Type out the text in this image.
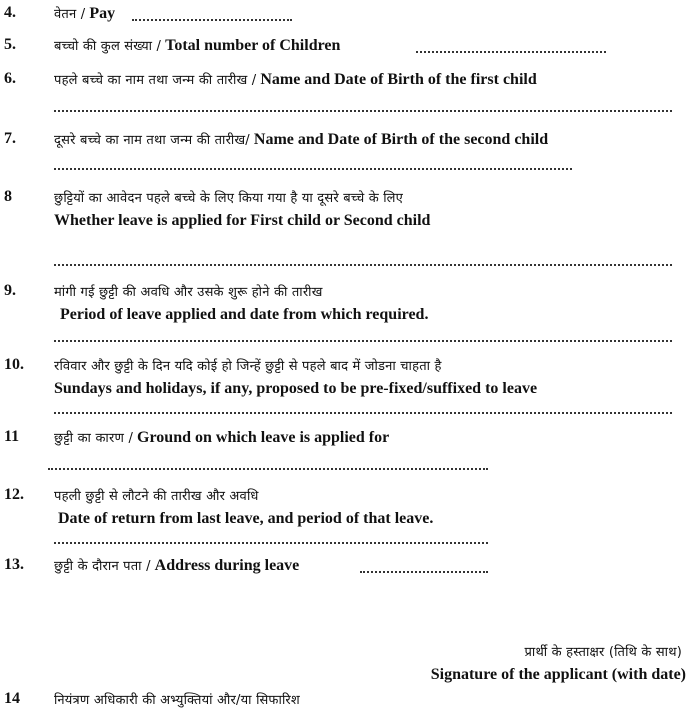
4.	वेतन / Pay
5.	बच्चो की कुल संख्या / Total number of Children
6.	पहले बच्चे का नाम तथा जन्म की तारीख / Name and Date of Birth of the first child
7.	दूसरे बच्चे का नाम तथा जन्म की तारीख/ Name and Date of Birth of the second child
8	छुट्टियों का आवेदन पहले बच्चे के लिए किया गया है या दूसरे बच्चे के लिए
Whether leave is applied for First child or Second child
9.	मांगी गई छुट्टी की अवधि और उसके शुरू होने की तारीख
Period of leave applied and date from which required.
10. रविवार और छुट्टी के दिन यदि कोई हो जिन्हें छुट्टी से पहले बाद में जोडना चाहता है
Sundays and holidays, if any, proposed to be pre-fixed/suffixed to leave
11	छुट्टी का कारण / Ground on which leave is applied for
12. पहली छुट्टी से लौटने की तारीख और अवधि
Date of return from last leave, and period of that leave.
13. छुट्टी के दौरान पता / Address during leave
प्रार्थी के हस्ताक्षर (तिथि के साथ)
Signature of the applicant (with date)
14	नियंत्रण अधिकारी की अभ्युक्तियां और/या सिफारिश
